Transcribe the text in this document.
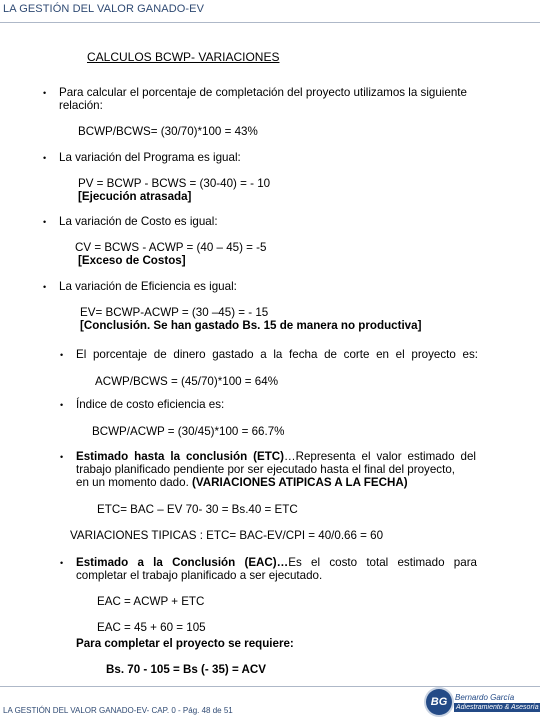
LA GESTIÓN DEL VALOR GANADO-EV
CALCULOS BCWP- VARIACIONES
• Para calcular el porcentaje de completación del proyecto utilizamos la siguiente
relación:
BCWP/BCWS= (30/70)*100 = 43%
• La variación del Programa es igual:
PV = BCWP - BCWS = (30-40) = - 10
[Ejecución atrasada]
• La variación de Costo es igual:
CV = BCWS - ACWP = (40 – 45) = -5
[Exceso de Costos]
• La variación de Eficiencia es igual:
EV= BCWP-ACWP = (30 –45) = - 15
[Conclusión. Se han gastado Bs. 15 de manera no productiva]
• El porcentaje de dinero gastado a la fecha de corte en el proyecto es:
ACWP/BCWS = (45/70)*100 = 64%
• Índice de costo eficiencia es:
BCWP/ACWP = (30/45)*100 = 66.7%
• Estimado hasta la conclusión (ETC)…Representa el valor estimado del
trabajo planificado pendiente por ser ejecutado hasta el final del proyecto,
en un momento dado. (VARIACIONES ATIPICAS A LA FECHA)
ETC= BAC – EV 70- 30 = Bs.40 = ETC
VARIACIONES TIPICAS : ETC= BAC-EV/CPI = 40/0.66 = 60
• Estimado a la Conclusión (EAC)…Es el costo total estimado para
completar el trabajo planificado a ser ejecutado.
EAC = ACWP + ETC
EAC = 45 + 60 = 105
Para completar el proyecto se requiere:
Bs. 70 - 105 = Bs (- 35) = ACV
LA GESTIÓN DEL VALOR GANADO-EV- CAP. 0 - Pág. 48 de 51
BG Bernardo García
Adiestramiento & Asesoría
